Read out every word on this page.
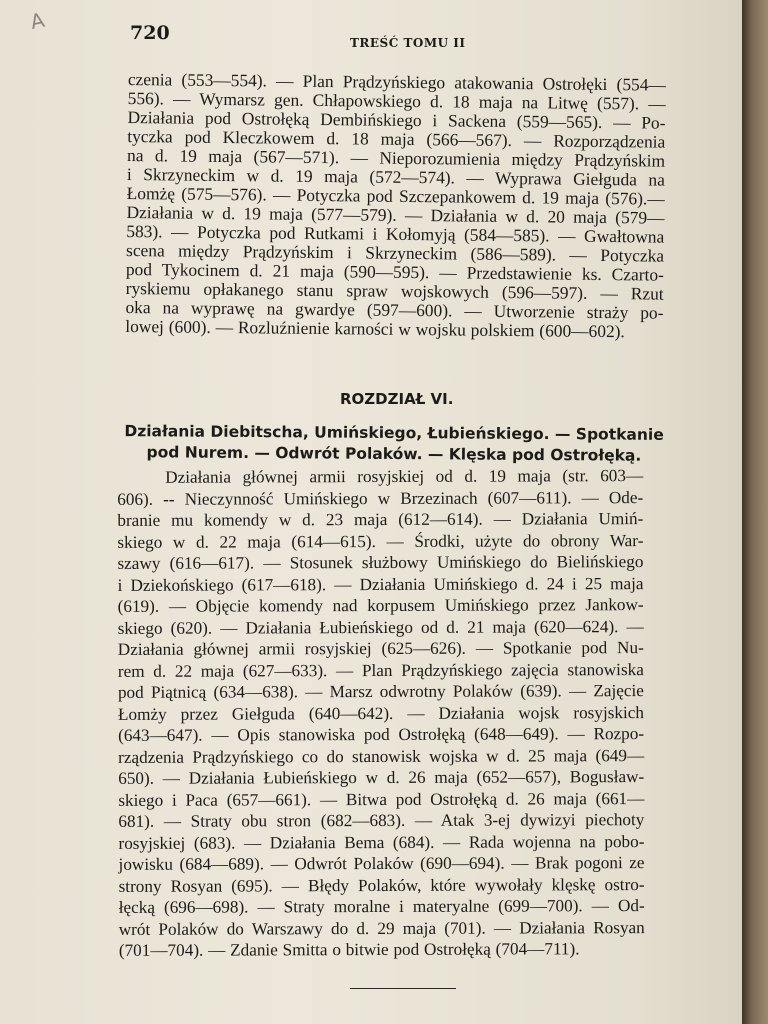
A	720	TREŚĆ TOMU II
czenia (553—554). — Plan Prądzyńskiego atakowania Ostrołęki (554—
556). — Wymarsz gen. Chłapowskiego d. 18 maja na Litwę (557). —
Działania pod Ostrołęką Dembińskiego i Sackena (559—565). — Po-
tyczka pod Kleczkowem d. 18 maja (566—567). — Rozporządzenia
na d. 19 maja (567—571). — Nieporozumienia między Prądzyńskim
i Skrzyneckim w d. 19 maja (572—574). — Wyprawa Giełguda na
Łomżę (575—576). — Potyczka pod Szczepankowem d. 19 maja (576).—
Działania w d. 19 maja (577—579). — Działania w d. 20 maja (579—
583). — Potyczka pod Rutkami i Kołomyją (584—585). — Gwałtowna
scena między Prądzyńskim i Skrzyneckim (586—589). — Potyczka
pod Tykocinem d. 21 maja (590—595). — Przedstawienie ks. Czarto-
ryskiemu opłakanego stanu spraw wojskowych (596—597). — Rzut
oka na wyprawę na gwardye (597—600). — Utworzenie straży po-
lowej (600). — Rozluźnienie karności w wojsku polskiem (600—602).
ROZDZIAŁ VI.
Działania Diebitscha, Umińskiego, Łubieńskiego. — Spotkanie
pod Nurem. — Odwrót Polaków. — Klęska pod Ostrołęką.
Działania głównej armii rosyjskiej od d. 19 maja (str. 603—
606). -- Nieczynność Umińskiego w Brzezinach (607—611). — Ode-
branie mu komendy w d. 23 maja (612—614). — Działania Umiń-
skiego w d. 22 maja (614—615). — Środki, użyte do obrony War-
szawy (616—617). — Stosunek służbowy Umińskiego do Bielińskiego
i Dziekońskiego (617—618). — Działania Umińskiego d. 24 i 25 maja
(619). — Objęcie komendy nad korpusem Umińskiego przez Jankow-
skiego (620). — Działania Łubieńskiego od d. 21 maja (620—624). —
Działania głównej armii rosyjskiej (625—626). — Spotkanie pod Nu-
rem d. 22 maja (627—633). — Plan Prądzyńskiego zajęcia stanowiska
pod Piątnicą (634—638). — Marsz odwrotny Polaków (639). — Zajęcie
Łomży przez Giełguda (640—642). — Działania wojsk rosyjskich
(643—647). — Opis stanowiska pod Ostrołęką (648—649). — Rozpo-
rządzenia Prądzyńskiego co do stanowisk wojska w d. 25 maja (649—
650). — Działania Łubieńskiego w d. 26 maja (652—657), Bogusław-
skiego i Paca (657—661). — Bitwa pod Ostrołęką d. 26 maja (661—
681). — Straty obu stron (682—683). — Atak 3-ej dywizyi piechoty
rosyjskiej (683). — Działania Bema (684). — Rada wojenna na pobo-
jowisku (684—689). — Odwrót Polaków (690—694). — Brak pogoni ze
strony Rosyan (695). — Błędy Polaków, które wywołały klęskę ostro-
łęcką (696—698). — Straty moralne i materyalne (699—700). — Od-
wrót Polaków do Warszawy do d. 29 maja (701). — Działania Rosyan
(701—704). — Zdanie Smitta o bitwie pod Ostrołęką (704—711).
